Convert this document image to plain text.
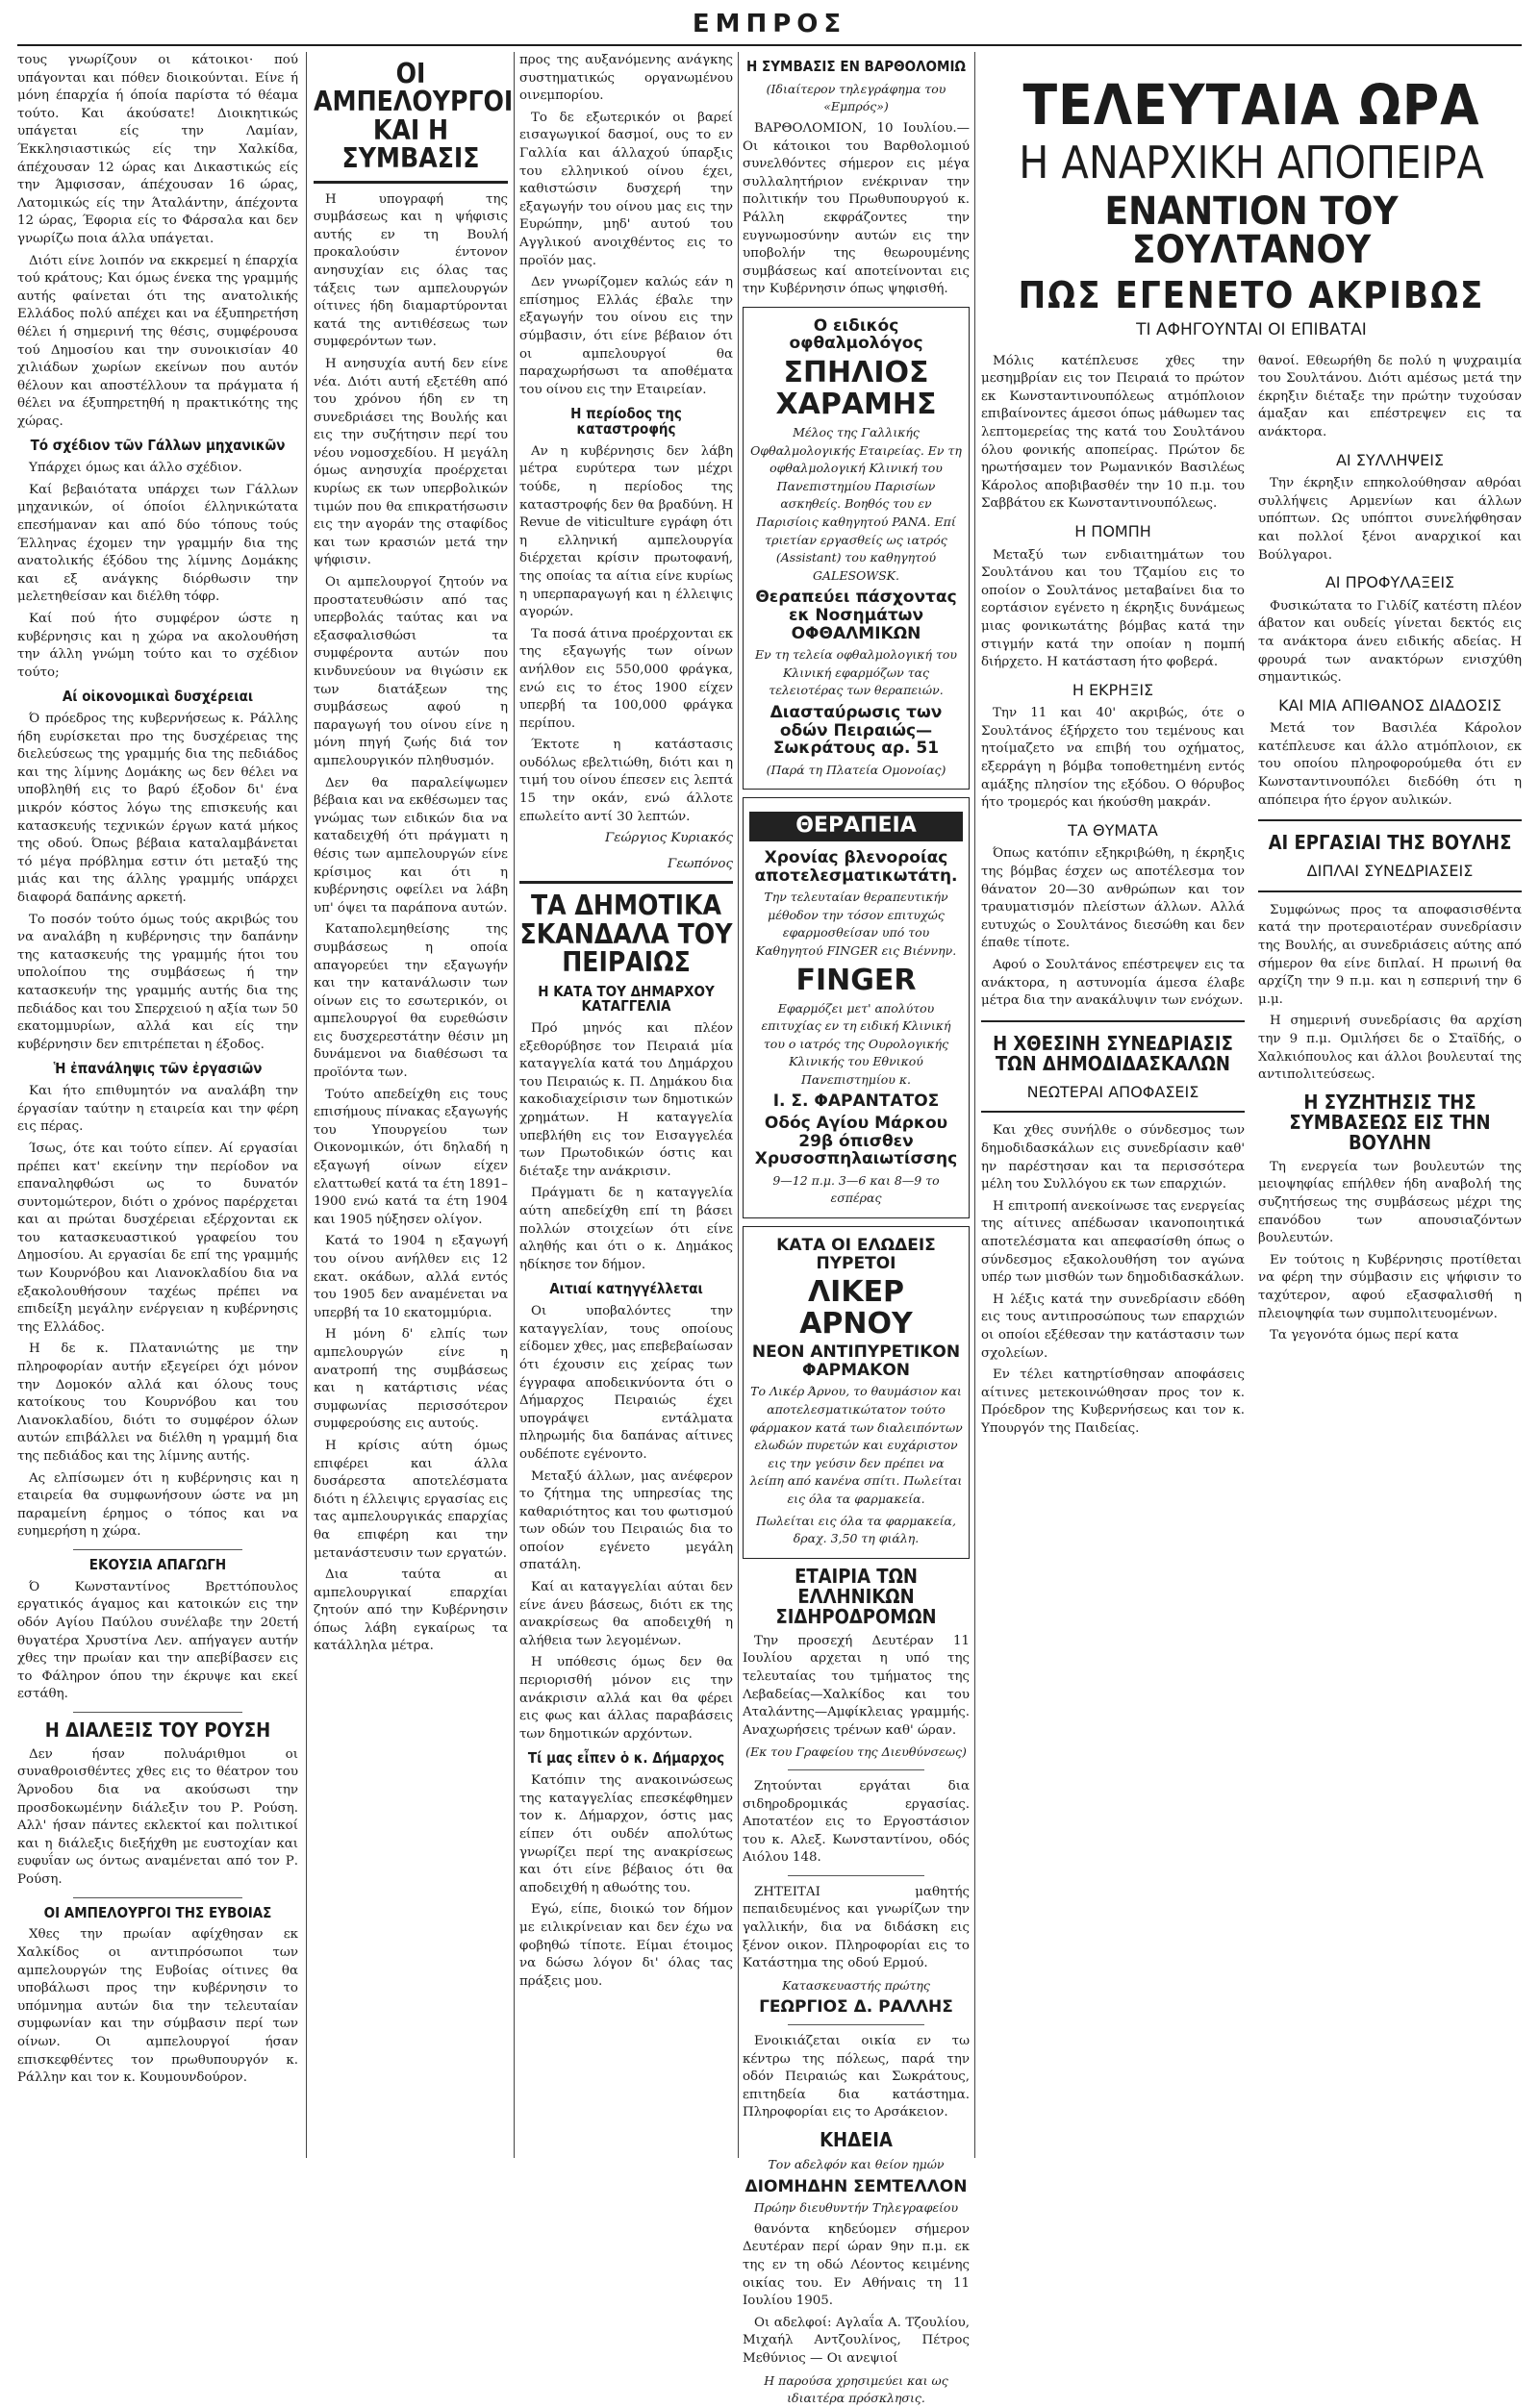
ΕΜΠΡΟΣ

τους γνωρίζουν οι κάτοικοι· πού υπάγονται και πόθεν διοικούνται. Είνε ή μόνη έπαρχία ή όποία παρίστα τό θέαμα τούτο. Και άκούσατε! Διοικητικώς υπάγεται είς την Λαμίαν, Έκκλησιαστικώς είς την Χαλκίδα, άπέχουσαν 12 ώρας και Δικαστικώς είς την Άμφισσαν, άπέχουσαν 16 ώρας, Λατομικώς είς την Άταλάντην, άπέχοντα 12 ώρας, Έφορια είς το Φάρσαλα και δεν γνωρίζω ποια άλλα υπάγεται.

Διότι είνε λοιπόν να εκκρεμεί η έπαρχία τού κράτους; Και όμως ένεκα της γραμμής αυτής φαίνεται ότι της ανατολικής Ελλάδος πολύ απέχει και να έξυπηρετήση θέλει ή σημερινή της θέσις, συμφέρουσα τού Δημοσίου και την συνοικισίαν 40 χιλιάδων χωρίων εκείνων που αυτόν θέλουν και αποστέλλουν τα πράγματα ή θέλει να έξυπηρετηθή η πρακτικότης της χώρας.

Τό σχέδιον τῶν Γάλλων μηχανικῶν

Υπάρχει όμως και άλλο σχέδιον.

Καί βεβαιότατα υπάρχει των Γάλλων μηχανικών, οί όποίοι έλληνικώτατα επεσήμαναν και από δύο τόπους τούς Έλληνας έχομεν την γραμμήν δια της ανατολικής έξόδου της λίμνης Δομάκης και εξ ανάγκης διόρθωσιν την μελετηθείσαν και διέλθη τόφρ.

Καί πού ήτο συμφέρον ώστε η κυβέρνησις και η χώρα να ακολουθήση την άλλη γνώμη τούτο και το σχέδιον τούτο;

Αί οἰκονομικαὶ δυσχέρειαι

Ό πρόεδρος της κυβερνήσεως κ. Ράλλης ήδη ευρίσκεται προ της δυσχέρειας της διελεύσεως της γραμμής δια της πεδιάδος και της λίμνης Δομάκης ως δεν θέλει να υποβληθή εις το βαρύ έξοδον δι' ένα μικρόν κόστος λόγω της επισκευής και κατασκευής τεχνικών έργων κατά μήκος της οδού. Όπως βέβαια καταλαμβάνεται τό μέγα πρόβλημα εστιν ότι μεταξύ της μιάς και της άλλης γραμμής υπάρχει διαφορά δαπάνης αρκετή.

Το ποσόν τούτο όμως τούς ακριβώς του να αναλάβη η κυβέρνησις την δαπάνην της κατασκευής της γραμμής ήτοι του υπολοίπου της συμβάσεως ή την κατασκευήν της γραμμής αυτής δια της πεδιάδος και του Σπερχειού η αξία των 50 εκατομμυρίων, αλλά και είς την κυβέρνησιν δεν επιτρέπεται η έξοδος.

Ἡ ἐπανάληψις τῶν ἐργασιῶν

Και ήτο επιθυμητόν να αναλάβη την έργασίαν ταύτην η εταιρεία και την φέρη εις πέρας.

Ίσως, ότε και τούτο είπεν. Αί εργασίαι πρέπει κατ' εκείνην την περίοδον να επαναληφθώσι ως το δυνατόν συντομώτερον, διότι ο χρόνος παρέρχεται και αι πρώται δυσχέρειαι εξέρχονται εκ του κατασκευαστικού γραφείου του Δημοσίου. Αι εργασίαι δε επί της γραμμής των Κουρνόβου και Λιανοκλαδίου δια να εξακολουθήσουν ταχέως πρέπει να επιδείξη μεγάλην ενέργειαν η κυβέρνησις της Ελλάδος.

Η δε κ. Πλατανιώτης με την πληροφορίαν αυτήν εξεγείρει όχι μόνον την Δομοκόν αλλά και όλους τους κατοίκους του Κουρνόβου και του Λιανοκλαδίου, διότι το συμφέρον όλων αυτών επιβάλλει να διέλθη η γραμμή δια της πεδιάδος και της λίμνης αυτής.

Ας ελπίσωμεν ότι η κυβέρνησις και η εταιρεία θα συμφωνήσουν ώστε να μη παραμείνη έρημος ο τόπος και να ευημερήση η χώρα.

ΕΚΟΥΣΙΑ ΑΠΑΓΩΓΗ

Ό Κωνσταντίνος Βρεττόπουλος εργατικός άγαμος και κατοικών εις την οδόν Αγίου Παύλου συνέλαβε την 20ετή θυγατέρα Χρυστίνα Λεν. απήγαγεν αυτήν χθες την πρωίαν και την απεβίβασεν εις το Φάληρον όπου την έκρυψε και εκεί εστάθη.

Η ΔΙΑΛΕΞΙΣ ΤΟΥ ΡΟΥΣΗ

Δεν ήσαν πολυάριθμοι οι συναθροισθέντες χθες εις το θέατρον του Άρνοδου δια να ακούσωσι την προσδοκωμένην διάλεξιν του Ρ. Ρούση. Αλλ' ήσαν πάντες εκλεκτοί και πολιτικοί και η διάλεξις διεξήχθη με ευστοχίαν και ευφυΐαν ως όντως αναμένεται από τον Ρ. Ρούση.

ΟΙ ΑΜΠΕΛΟΥΡΓΟΙ ΤΗΣ ΕΥΒΟΙΑΣ

Χθες την πρωίαν αφίχθησαν εκ Χαλκίδος οι αντιπρόσωποι των αμπελουργών της Ευβοίας οίτινες θα υποβάλωσι προς την κυβέρνησιν το υπόμνημα αυτών δια την τελευταίαν συμφωνίαν και την σύμβασιν περί των οίνων. Οι αμπελουργοί ήσαν επισκεφθέντες τον πρωθυπουργόν κ. Ράλλην και τον κ. Κουμουνδούρον.

ΟΙ ΑΜΠΕΛΟΥΡΓΟΙ ΚΑΙ Η ΣΥΜΒΑΣΙΣ

Η υπογραφή της συμβάσεως και η ψήφισις αυτής εν τη Βουλή προκαλούσιν έντονον ανησυχίαν εις όλας τας τάξεις των αμπελουργών οίτινες ήδη διαμαρτύρονται κατά της αντιθέσεως των συμφερόντων των.

Η ανησυχία αυτή δεν είνε νέα. Διότι αυτή εξετέθη από του χρόνου ήδη εν τη συνεδριάσει της Βουλής και εις την συζήτησιν περί του νέου νομοσχεδίου. Η μεγάλη όμως ανησυχία προέρχεται κυρίως εκ των υπερβολικών τιμών που θα επικρατήσωσιν εις την αγοράν της σταφίδος και των κρασιών μετά την ψήφισιν.

Οι αμπελουργοί ζητούν να προστατευθώσιν από τας υπερβολάς ταύτας και να εξασφαλισθώσι τα συμφέροντα αυτών που κινδυνεύουν να θιγώσιν εκ των διατάξεων της συμβάσεως αφού η παραγωγή του οίνου είνε η μόνη πηγή ζωής διά τον αμπελουργικόν πληθυσμόν.

Δεν θα παραλείψωμεν βέβαια και να εκθέσωμεν τας γνώμας των ειδικών δια να καταδειχθή ότι πράγματι η θέσις των αμπελουργών είνε κρίσιμος και ότι η κυβέρνησις οφείλει να λάβη υπ' όψει τα παράπονα αυτών.

Καταπολεμηθείσης της συμβάσεως η οποία απαγορεύει την εξαγωγήν και την κατανάλωσιν των οίνων εις το εσωτερικόν, οι αμπελουργοί θα ευρεθώσιν εις δυσχερεστάτην θέσιν μη δυνάμενοι να διαθέσωσι τα προϊόντα των.

Τούτο απεδείχθη εις τους επισήμους πίνακας εξαγωγής του Υπουργείου των Οικονομικών, ότι δηλαδή η εξαγωγή οίνων είχεν ελαττωθεί κατά τα έτη 1891–1900 ενώ κατά τα έτη 1904 και 1905 ηύξησεν ολίγον.

Κατά το 1904 η εξαγωγή του οίνου ανήλθεν εις 12 εκατ. οκάδων, αλλά εντός του 1905 δεν αναμένεται να υπερβή τα 10 εκατομμύρια.

Η μόνη δ' ελπίς των αμπελουργών είνε η ανατροπή της συμβάσεως και η κατάρτισις νέας συμφωνίας περισσότερον συμφερούσης εις αυτούς.

Η κρίσις αύτη όμως επιφέρει και άλλα δυσάρεστα αποτελέσματα διότι η έλλειψις εργασίας εις τας αμπελουργικάς επαρχίας θα επιφέρη και την μετανάστευσιν των εργατών.

Δια ταύτα αι αμπελουργικαί επαρχίαι ζητούν από την Κυβέρνησιν όπως λάβη εγκαίρως τα κατάλληλα μέτρα.

προς της αυξανόμενης ανάγκης συστηματικώς οργανωμένου οινεμπορίου.

Το δε εξωτερικόν οι βαρεί εισαγωγικοί δασμοί, ους το εν Γαλλία και άλλαχού ύπαρξις του ελληνικού οίνου έχει, καθιστώσιν δυσχερή την εξαγωγήν του οίνου μας εις την Ευρώπην, μηδ' αυτού του Αγγλικού ανοιχθέντος εις το προϊόν μας.

Δεν γνωρίζομεν καλώς εάν η επίσημος Ελλάς έβαλε την εξαγωγήν του οίνου εις την σύμβασιν, ότι είνε βέβαιον ότι οι αμπελουργοί θα παραχωρήσωσι τα αποθέματα του οίνου εις την Εταιρείαν.

Η περίοδος της καταστροφής

Αν η κυβέρνησις δεν λάβη μέτρα ευρύτερα των μέχρι τούδε, η περίοδος της καταστροφής δεν θα βραδύνη. Η Revue de viticulture εγράφη ότι η ελληνική αμπελουργία διέρχεται κρίσιν πρωτοφανή, της οποίας τα αίτια είνε κυρίως η υπερπαραγωγή και η έλλειψις αγορών.

Τα ποσά άτινα προέρχονται εκ της εξαγωγής των οίνων ανήλθον εις 550,000 φράγκα, ενώ εις το έτος 1900 είχεν υπερβή τα 100,000 φράγκα περίπου.

Έκτοτε η κατάστασις ουδόλως εβελτιώθη, διότι και η τιμή του οίνου έπεσεν εις λεπτά 15 την οκάν, ενώ άλλοτε επωλείτο αντί 30 λεπτών.

Γεώργιος Κυριακός
Γεωπόνος
ΤΑ ΔΗΜΟΤΙΚΑ ΣΚΑΝΔΑΛΑ ΤΟΥ ΠΕΙΡΑΙΩΣ
Η ΚΑΤΑ ΤΟΥ ΔΗΜΑΡΧΟΥ ΚΑΤΑΓΓΕΛΙΑ

Πρό μηνός και πλέον εξεθορύβησε τον Πειραιά μία καταγγελία κατά του Δημάρχου του Πειραιώς κ. Π. Δημάκου δια κακοδιαχείρισιν των δημοτικών χρημάτων. Η καταγγελία υπεβλήθη εις τον Εισαγγελέα των Πρωτοδικών όστις και διέταξε την ανάκρισιν.

Πράγματι δε η καταγγελία αύτη απεδείχθη επί τη βάσει πολλών στοιχείων ότι είνε αληθής και ότι ο κ. Δημάκος ηδίκησε τον δήμον.

Αιτιαί κατηγγέλλεται

Οι υποβαλόντες την καταγγελίαν, τους οποίους είδομεν χθες, μας επεβεβαίωσαν ότι έχουσιν εις χείρας των έγγραφα αποδεικνύοντα ότι ο Δήμαρχος Πειραιώς έχει υπογράψει εντάλματα πληρωμής δια δαπάνας αίτινες ουδέποτε εγένοντο.

Μεταξύ άλλων, μας ανέφερον το ζήτημα της υπηρεσίας της καθαριότητος και του φωτισμού των οδών του Πειραιώς δια το οποίον εγένετο μεγάλη σπατάλη.

Καί αι καταγγελίαι αύται δεν είνε άνευ βάσεως, διότι εκ της ανακρίσεως θα αποδειχθή η αλήθεια των λεγομένων.

Η υπόθεσις όμως δεν θα περιορισθή μόνον εις την ανάκρισιν αλλά και θα φέρει εις φως και άλλας παραβάσεις των δημοτικών αρχόντων.

Τί μας εἶπεν ὁ κ. Δήμαρχος

Κατόπιν της ανακοινώσεως της καταγγελίας επεσκέφθημεν τον κ. Δήμαρχον, όστις μας είπεν ότι ουδέν απολύτως γνωρίζει περί της ανακρίσεως και ότι είνε βέβαιος ότι θα αποδειχθή η αθωότης του.

Εγώ, είπε, διοικώ τον δήμον με ειλικρίνειαν και δεν έχω να φοβηθώ τίποτε. Είμαι έτοιμος να δώσω λόγον δι' όλας τας πράξεις μου.

Η ΣΥΜΒΑΣΙΣ ΕΝ ΒΑΡΘΟΛΟΜΙΩ
(Ιδιαίτερον τηλεγράφημα του «Εμπρός»)

ΒΑΡΘΟΛΟΜΙΟΝ, 10 Ιουλίου.— Οι κάτοικοι του Βαρθολομιού συνελθόντες σήμερον εις μέγα συλλαλητήριον ενέκριναν την πολιτικήν του Πρωθυπουργού κ. Ράλλη εκφράζοντες την ευγνωμοσύνην αυτών εις την υποβολήν της θεωρουμένης συμβάσεως καί αποτείνονται εις την Κυβέρνησιν όπως ψηφισθή.

Ο ειδικός οφθαλμολόγος
ΣΠΗΛΙΟΣ ΧΑΡΑΜΗΣ
Μέλος της Γαλλικής Οφθαλμολογικής Εταιρείας. Εν τη οφθαλμολογική Κλινική του Πανεπιστημίου Παρισίων ασκηθείς. Βοηθός του εν Παρισίοις καθηγητού PANA. Επί τριετίαν εργασθείς ως ιατρός (Assistant) του καθηγητού GALESOWSK.
Θεραπεύει πάσχοντας εκ Νοσημάτων ΟΦΘΑΛΜΙΚΩΝ
Εν τη τελεία οφθαλμολογική του Κλινική εφαρμόζων τας τελειοτέρας των θεραπειών.
Διασταύρωσις των οδών Πειραιώς—Σωκράτους αρ. 51
(Παρά τη Πλατεία Ομονοίας)
ΘΕΡΑΠΕΙΑ
Χρονίας βλενοροίας αποτελεσματικωτάτη.
Την τελευταίαν θεραπευτικήν μέθοδον την τόσον επιτυχώς εφαρμοσθείσαν υπό του Καθηγητού FINGER εις Βιέννην.
FINGER
Εφαρμόζει μετ' απολύτου επιτυχίας εν τη ειδική Κλινική του ο ιατρός της Ουρολογικής Κλινικής του Εθνικού Πανεπιστημίου κ.
Ι. Σ. ΦΑΡΑΝΤΑΤΟΣ
Οδός Αγίου Μάρκου 29β όπισθεν Χρυσοσπηλαιωτίσσης
9—12 π.μ. 3—6 και 8—9 το εσπέρας
ΚΑΤΑ ΟΙ ΕΛΩΔΕΙΣ ΠΥΡΕΤΟΙ
ΛΙΚΕΡ ΑΡΝΟΥ
ΝΕΟΝ ΑΝΤΙΠΥΡΕΤΙΚΟΝ ΦΑΡΜΑΚΟΝ
Το Λικέρ Άρνου, το θαυμάσιον και αποτελεσματικώτατον τούτο φάρμακον κατά των διαλειπόντων ελωδών πυρετών και ευχάριστον εις την γεύσιν δεν πρέπει να λείπη από κανένα σπίτι. Πωλείται εις όλα τα φαρμακεία.
Πωλείται εις όλα τα φαρμακεία, δραχ. 3,50 τη φιάλη.
ΕΤΑΙΡΙΑ ΤΩΝ ΕΛΛΗΝΙΚΩΝ ΣΙΔΗΡΟΔΡΟΜΩΝ

Την προσεχή Δευτέραν 11 Ιουλίου αρχεται η υπό της τελευταίας του τμήματος της Λεβαδείας—Χαλκίδος και του Αταλάντης—Αμφίκλειας γραμμής. Αναχωρήσεις τρένων καθ' ώραν.

(Εκ του Γραφείου της Διευθύνσεως)

Ζητούνται εργάται δια σιδηροδρομικάς εργασίας. Αποτατέον εις το Εργοστάσιον του κ. Αλεξ. Κωνσταντίνου, οδός Αιόλου 148.

ΖΗΤΕΙΤΑΙ μαθητής πεπαιδευμένος και γνωρίζων την γαλλικήν, δια να διδάσκη εις ξένον οικον. Πληροφορίαι εις το Κατάστημα της οδού Ερμού.

Κατασκευαστής πρώτης
ΓΕΩΡΓΙΟΣ Δ. ΡΑΛΛΗΣ

Ενοικιάζεται οικία εν τω κέντρω της πόλεως, παρά την οδόν Πειραιώς και Σωκράτους, επιτηδεία δια κατάστημα. Πληροφορίαι εις το Αρσάκειον.

ΚΗΔΕΙΑ
Τον αδελφόν και θείον ημών
ΔΙΟΜΗΔΗΝ ΣΕΜΤΕΛΛΟΝ
Πρώην διευθυντήν Τηλεγραφείου

θανόντα κηδεύομεν σήμερον Δευτέραν περί ώραν 9ην π.μ. εκ της εν τη οδώ Λέοντος κειμένης οικίας του. Εν Αθήναις τη 11 Ιουλίου 1905.

Οι αδελφοί: Αγλαΐα Α. Τζουλίου, Μιχαήλ Αντζουλίνος, Πέτρος Μεθύνιος — Οι ανεψιοί

Η παρούσα χρησιμεύει και ως ιδιαιτέρα πρόσκλησις.
ΤΕΛΕΥΤΑΙΑ ΩΡΑ
Η ΑΝΑΡΧΙΚΗ ΑΠΟΠΕΙΡΑ
ΕΝΑΝΤΙΟΝ ΤΟΥ ΣΟΥΛΤΑΝΟΥ
ΠΩΣ ΕΓΕΝΕΤΟ ΑΚΡΙΒΩΣ
ΤΙ ΑΦΗΓΟΥΝΤΑΙ ΟΙ ΕΠΙΒΑΤΑΙ

Μόλις κατέπλευσε χθες την μεσημβρίαν εις τον Πειραιά το πρώτον εκ Κωνσταντινουπόλεως ατμόπλοιον επιβαίνοντες άμεσοι όπως μάθωμεν τας λεπτομερείας της κατά του Σουλτάνου όλου φονικής αποπείρας. Πρώτον δε ηρωτήσαμεν τον Ρωμανικόν Βασιλέως Κάρολος αποβιβασθέν την 10 π.μ. του Σαββάτου εκ Κωνσταντινουπόλεως.

Η ΠΟΜΠΗ

Μεταξύ των ενδιαιτημάτων του Σουλτάνου και του Τζαμίου εις το οποίον ο Σουλτάνος μεταβαίνει δια το εορτάσιον εγένετο η έκρηξις δυνάμεως μιας φονικωτάτης βόμβας κατά την στιγμήν κατά την οποίαν η πομπή διήρχετο. Η κατάσταση ήτο φοβερά.

Η ΕΚΡΗΞΙΣ

Την 11 και 40' ακριβώς, ότε ο Σουλτάνος έξήρχετο του τεμένους και ητοίμαζετο να επιβή του οχήματος, εξερράγη η βόμβα τοποθετημένη εντός αμάξης πλησίον της εξόδου. Ο θόρυβος ήτο τρομερός και ήκούσθη μακράν.

ΤΑ ΘΥΜΑΤΑ

Όπως κατόπιν εξηκριβώθη, η έκρηξις της βόμβας έσχεν ως αποτέλεσμα τον θάνατον 20—30 ανθρώπων και τον τραυματισμόν πλείστων άλλων. Αλλά ευτυχώς ο Σουλτάνος διεσώθη και δεν έπαθε τίποτε.

Αφού ο Σουλτάνος επέστρεψεν εις τα ανάκτορα, η αστυνομία άμεσα έλαβε μέτρα δια την ανακάλυψιν των ενόχων.

Η ΧΘΕΣΙΝΗ ΣΥΝΕΔΡΙΑΣΙΣ ΤΩΝ ΔΗΜΟΔΙΔΑΣΚΑΛΩΝ
ΝΕΩΤΕΡΑΙ ΑΠΟΦΑΣΕΙΣ

Και χθες συνήλθε ο σύνδεσμος των δημοδιδασκάλων εις συνεδρίασιν καθ' ην παρέστησαν και τα περισσότερα μέλη του Συλλόγου εκ των επαρχιών.

Η επιτροπή ανεκοίνωσε τας ενεργείας της αίτινες απέδωσαν ικανοποιητικά αποτελέσματα και απεφασίσθη όπως ο σύνδεσμος εξακολουθήση τον αγώνα υπέρ των μισθών των δημοδιδασκάλων.

Η λέξις κατά την συνεδρίασιν εδόθη εις τους αντιπροσώπους των επαρχιών οι οποίοι εξέθεσαν την κατάστασιν των σχολείων.

Εν τέλει κατηρτίσθησαν αποφάσεις αίτινες μετεκοινώθησαν προς τον κ. Πρόεδρον της Κυβερνήσεως και τον κ. Υπουργόν της Παιδείας.

θανοί. Εθεωρήθη δε πολύ η ψυχραιμία του Σουλτάνου. Διότι αμέσως μετά την έκρηξιν διέταξε την πρώτην τυχούσαν άμαξαν και επέστρεψεν εις τα ανάκτορα.

ΑΙ ΣΥΛΛΗΨΕΙΣ

Την έκρηξιν επηκολούθησαν αθρόαι συλλήψεις Αρμενίων και άλλων υπόπτων. Ως υπόπτοι συνελήφθησαν και πολλοί ξένοι αναρχικοί και Βούλγαροι.

ΑΙ ΠΡΟΦΥΛΑΞΕΙΣ

Φυσικώτατα το Γιλδίζ κατέστη πλέον άβατον και ουδείς γίνεται δεκτός εις τα ανάκτορα άνευ ειδικής αδείας. Η φρουρά των ανακτόρων ενισχύθη σημαντικώς.

ΚΑΙ ΜΙΑ ΑΠΙΘΑΝΟΣ ΔΙΑΔΟΣΙΣ

Μετά τον Βασιλέα Κάρολον κατέπλευσε και άλλο ατμόπλοιον, εκ του οποίου πληροφορούμεθα ότι εν Κωνσταντινουπόλει διεδόθη ότι η απόπειρα ήτο έργον αυλικών.

ΑΙ ΕΡΓΑΣΙΑΙ ΤΗΣ ΒΟΥΛΗΣ
ΔΙΠΛΑΙ ΣΥΝΕΔΡΙΑΣΕΙΣ

Συμφώνως προς τα αποφασισθέντα κατά την προτεραιοτέραν συνεδρίασιν της Βουλής, αι συνεδριάσεις αύτης από σήμερον θα είνε διπλαί. Η πρωινή θα αρχίζη την 9 π.μ. και η εσπερινή την 6 μ.μ.

Η σημερινή συνεδρίασις θα αρχίση την 9 π.μ. Ομιλήσει δε ο Σταϊδής, ο Χαλκιόπουλος και άλλοι βουλευταί της αντιπολιτεύσεως.

Η ΣΥΖΗΤΗΣΙΣ ΤΗΣ ΣΥΜΒΑΣΕΩΣ ΕΙΣ ΤΗΝ ΒΟΥΛΗΝ

Τη ενεργεία των βουλευτών της μειοψηφίας επήλθεν ήδη αναβολή της συζητήσεως της συμβάσεως μέχρι της επανόδου των απουσιαζόντων βουλευτών.

Εν τούτοις η Κυβέρνησις προτίθεται να φέρη την σύμβασιν εις ψήφισιν το ταχύτερον, αφού εξασφαλισθή η πλειοψηφία των συμπολιτευομένων.

Τα γεγονότα όμως περί κατα
